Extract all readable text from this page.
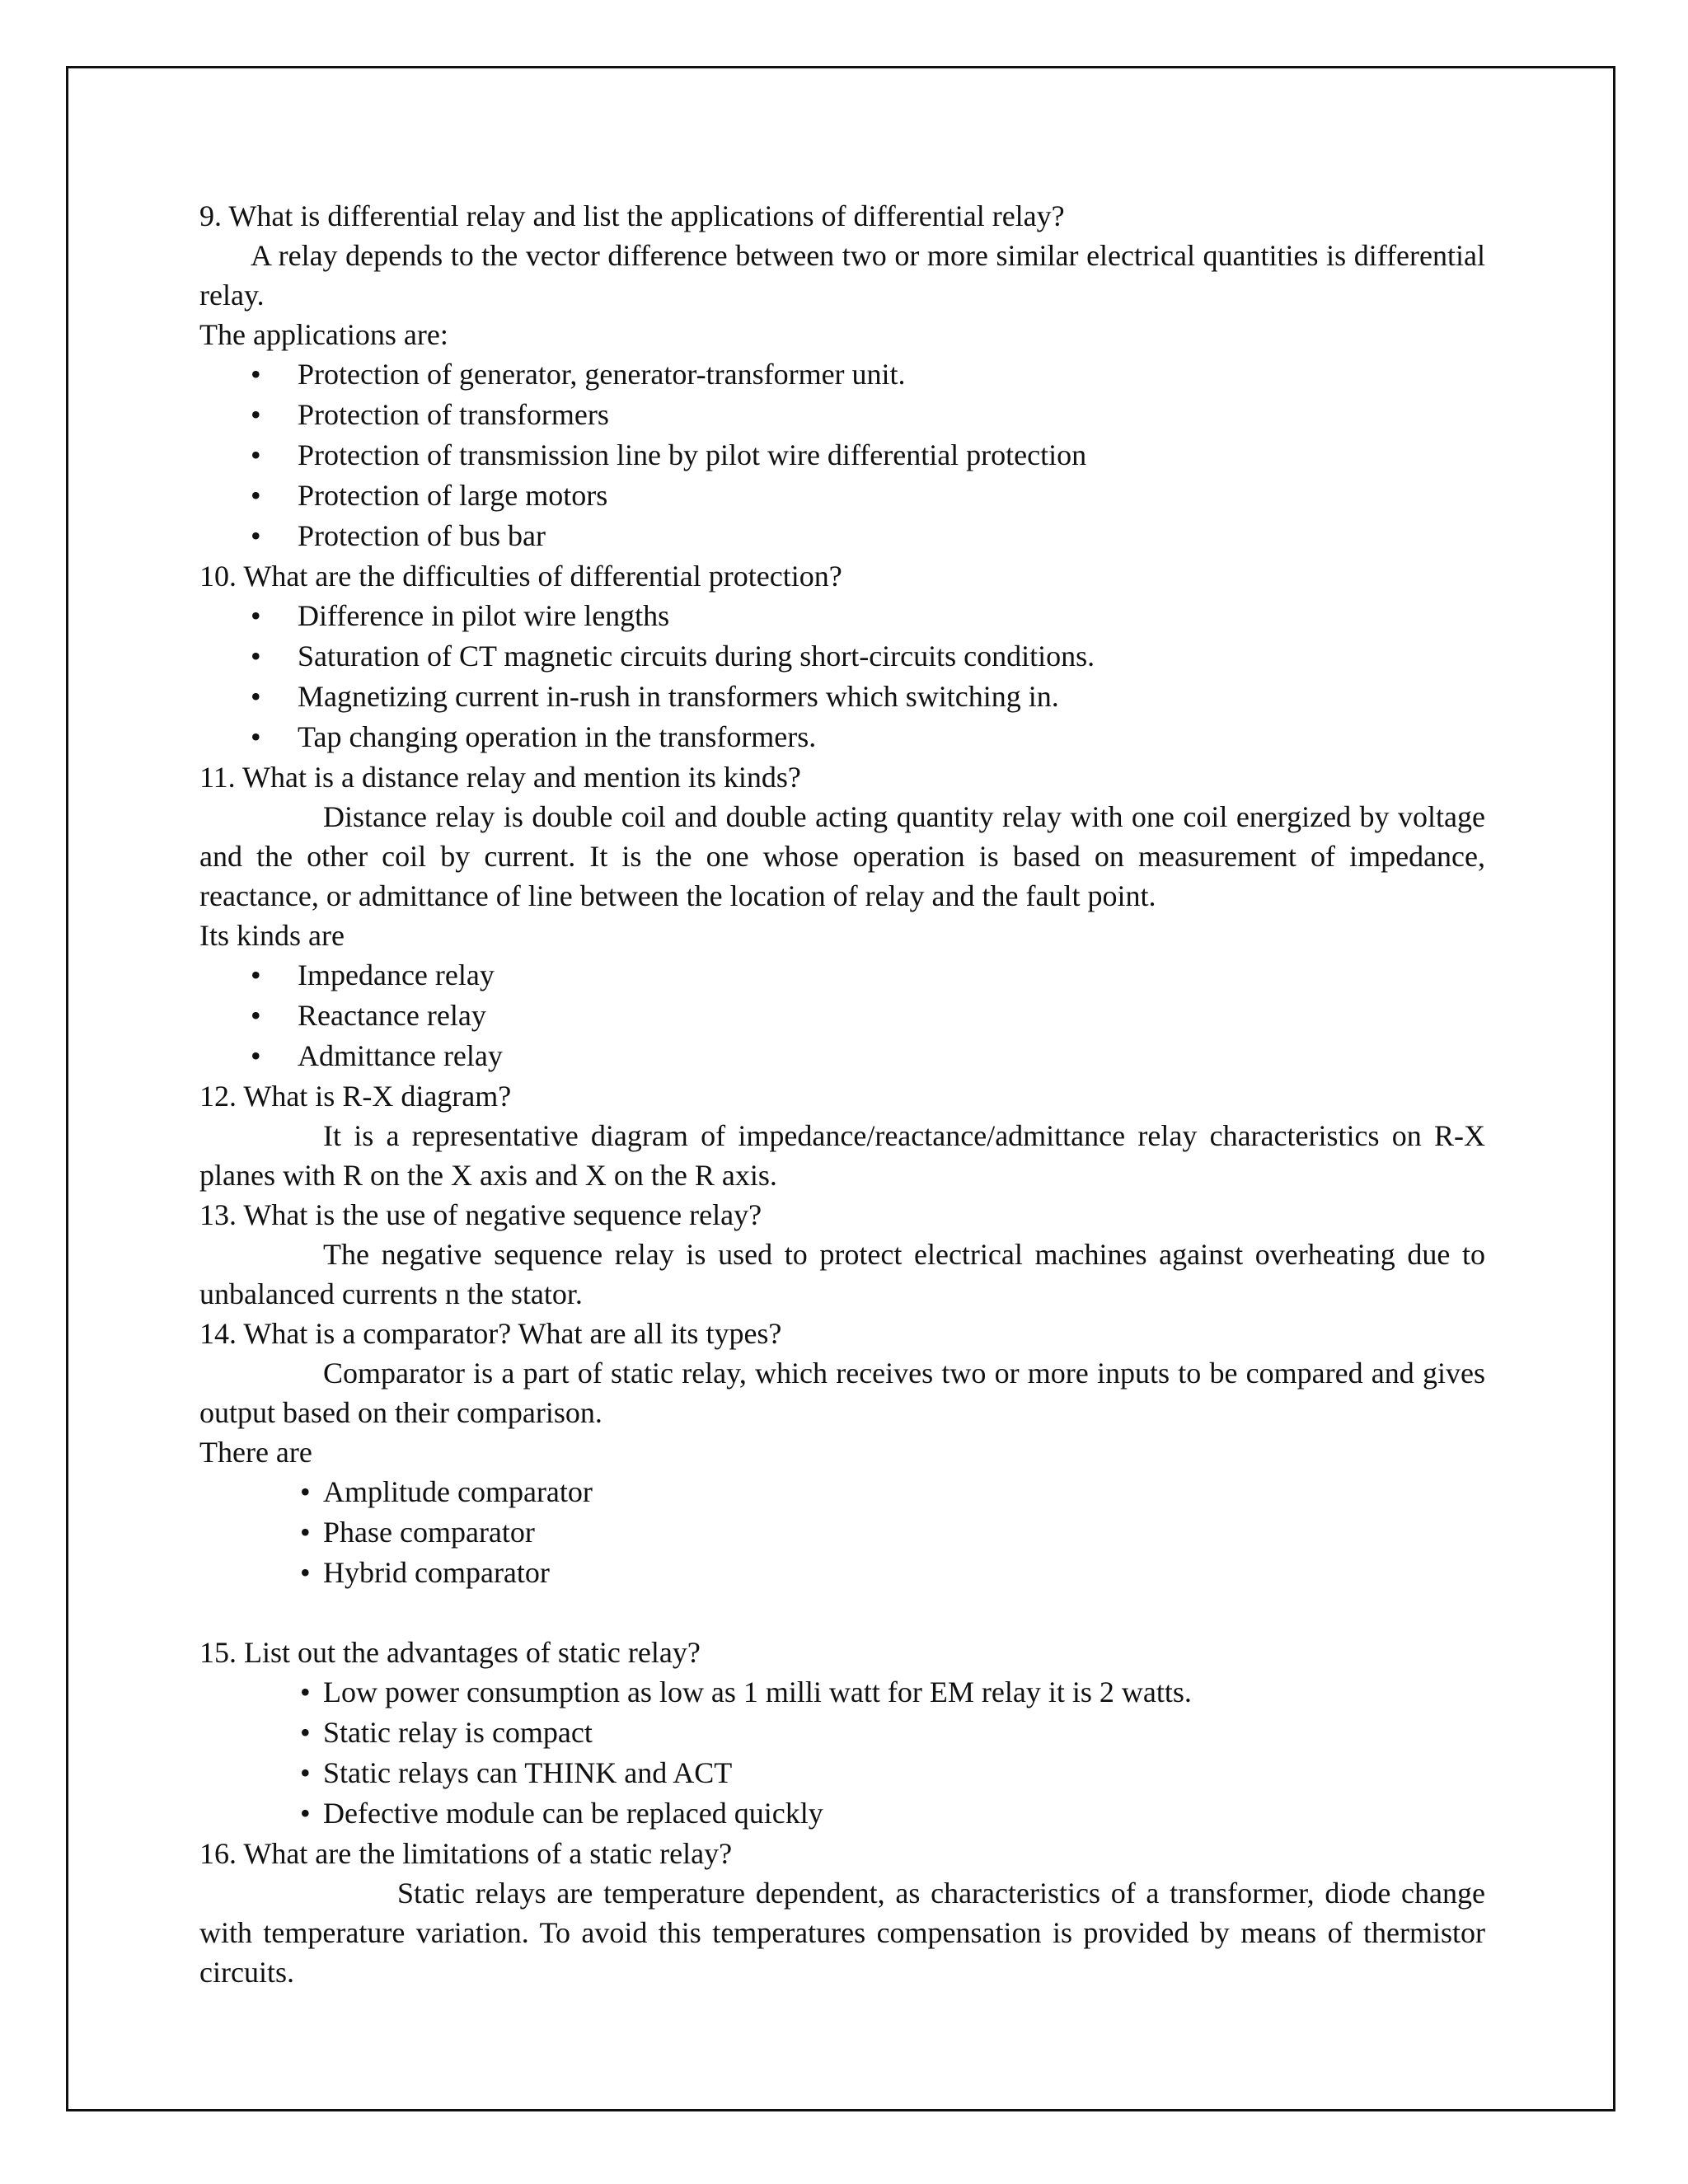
9. What is differential relay and list the applications of differential relay?

A relay depends to the vector difference between two or more similar electrical quantities is differential relay.

The applications are:

• Protection of generator, generator-transformer unit.
• Protection of transformers
• Protection of transmission line by pilot wire differential protection
• Protection of large motors
• Protection of bus bar

10. What are the difficulties of differential protection?

• Difference in pilot wire lengths
• Saturation of CT magnetic circuits during short-circuits conditions.
• Magnetizing current in-rush in transformers which switching in.
• Tap changing operation in the transformers.

11. What is a distance relay and mention its kinds?

Distance relay is double coil and double acting quantity relay with one coil energized by voltage and the other coil by current. It is the one whose operation is based on measurement of impedance, reactance, or admittance of line between the location of relay and the fault point.

Its kinds are

• Impedance relay
• Reactance relay
• Admittance relay

12. What is R-X diagram?

It is a representative diagram of impedance/reactance/admittance relay characteristics on R-X planes with R on the X axis and X on the R axis.

13. What is the use of negative sequence relay?

The negative sequence relay is used to protect electrical machines against overheating due to unbalanced currents n the stator.

14. What is a comparator? What are all its types?

Comparator is a part of static relay, which receives two or more inputs to be compared and gives output based on their comparison.

There are

• Amplitude comparator
• Phase comparator
• Hybrid comparator

15. List out the advantages of static relay?

• Low power consumption as low as 1 milli watt for EM relay it is 2 watts.
• Static relay is compact
• Static relays can THINK and ACT
• Defective module can be replaced quickly

16. What are the limitations of a static relay?

Static relays are temperature dependent, as characteristics of a transformer, diode change with temperature variation. To avoid this temperatures compensation is provided by means of thermistor circuits.
